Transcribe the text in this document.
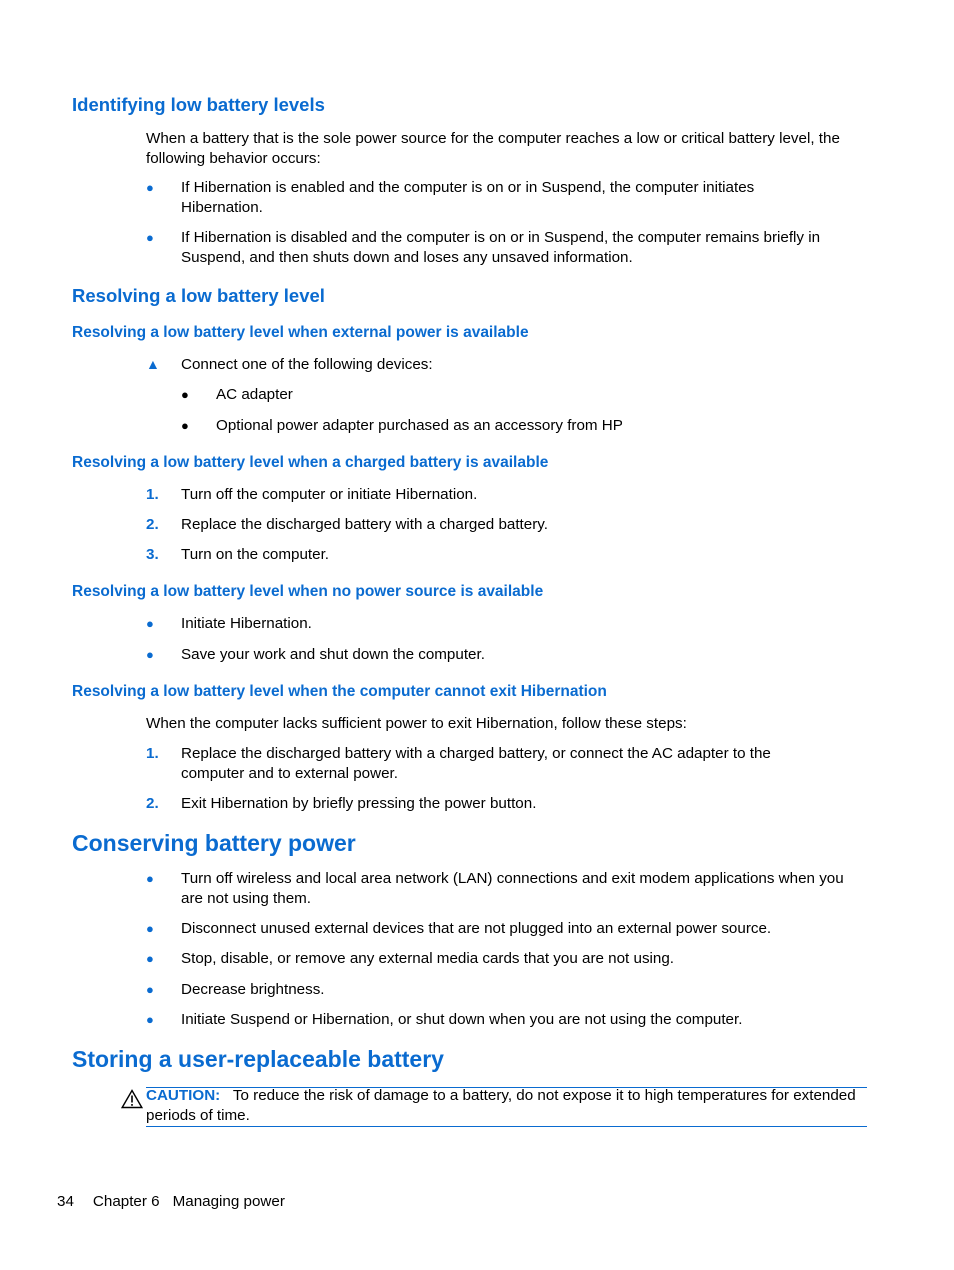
Identifying low battery levels
When a battery that is the sole power source for the computer reaches a low or critical battery level, the following behavior occurs:
● If Hibernation is enabled and the computer is on or in Suspend, the computer initiates Hibernation.
● If Hibernation is disabled and the computer is on or in Suspend, the computer remains briefly in Suspend, and then shuts down and loses any unsaved information.
Resolving a low battery level
Resolving a low battery level when external power is available
▲ Connect one of the following devices:
● AC adapter
● Optional power adapter purchased as an accessory from HP
Resolving a low battery level when a charged battery is available
1. Turn off the computer or initiate Hibernation.
2. Replace the discharged battery with a charged battery.
3. Turn on the computer.
Resolving a low battery level when no power source is available
● Initiate Hibernation.
● Save your work and shut down the computer.
Resolving a low battery level when the computer cannot exit Hibernation
When the computer lacks sufficient power to exit Hibernation, follow these steps:
1. Replace the discharged battery with a charged battery, or connect the AC adapter to the computer and to external power.
2. Exit Hibernation by briefly pressing the power button.
Conserving battery power
● Turn off wireless and local area network (LAN) connections and exit modem applications when you are not using them.
● Disconnect unused external devices that are not plugged into an external power source.
● Stop, disable, or remove any external media cards that you are not using.
● Decrease brightness.
● Initiate Suspend or Hibernation, or shut down when you are not using the computer.
Storing a user-replaceable battery
CAUTION: To reduce the risk of damage to a battery, do not expose it to high temperatures for extended periods of time.
34 Chapter 6 Managing power
